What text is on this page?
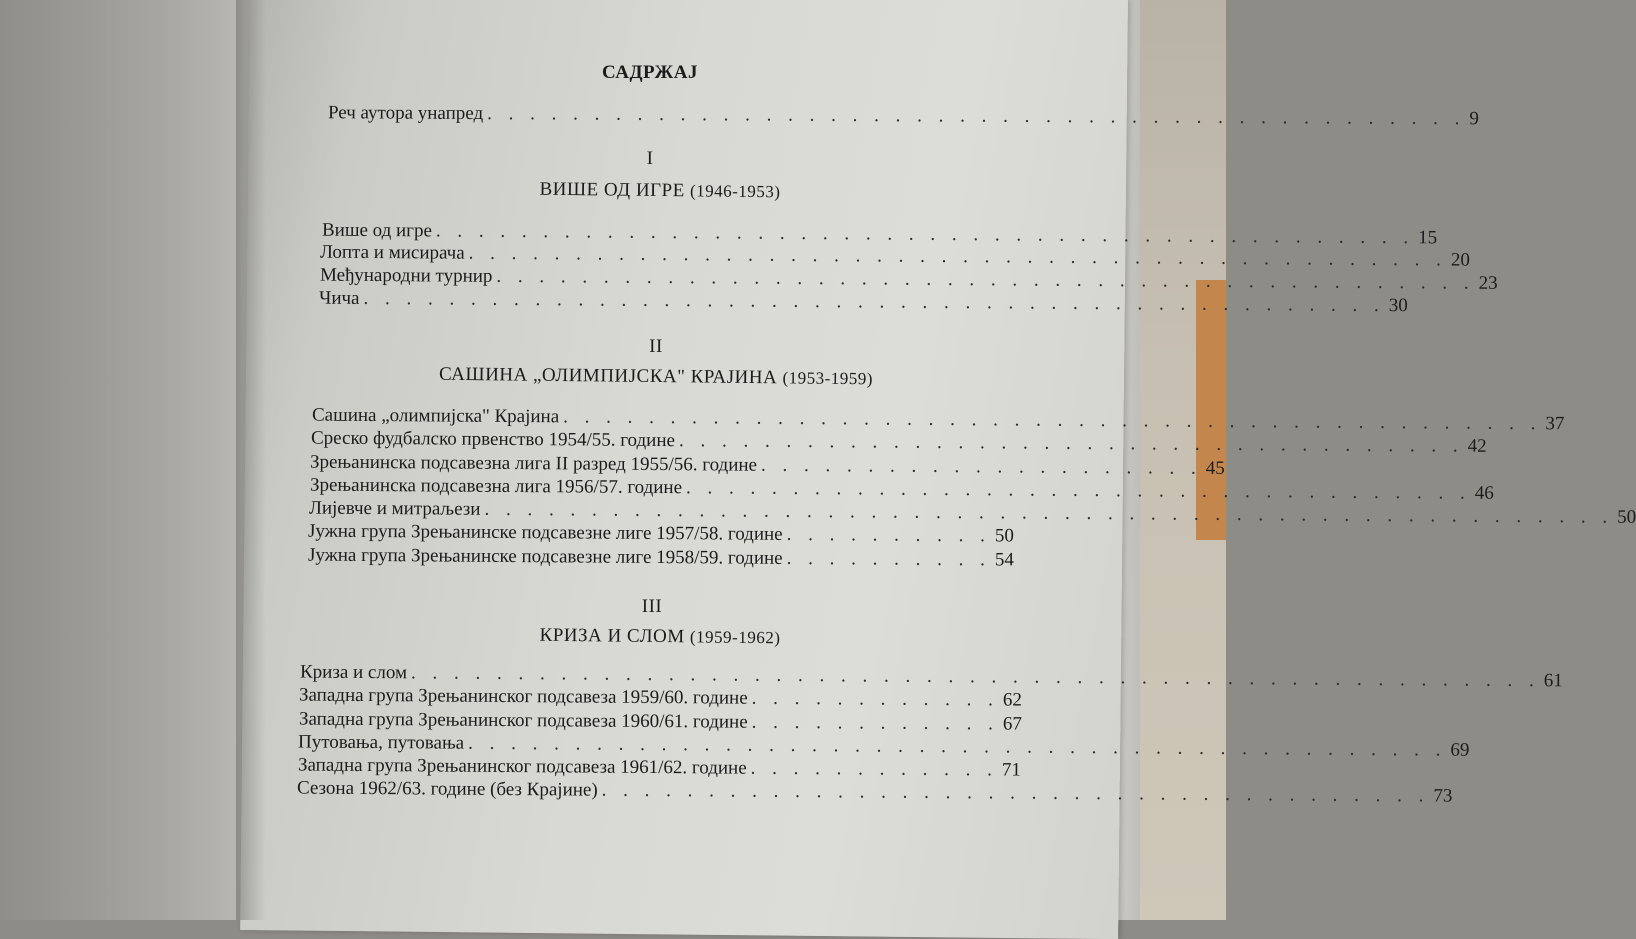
САДРЖАЈ
Реч аутора унапред . . . . . . . . . . . . . . . . . . . . . . . . . . . . . . . . . . . . . . . . . . . . . . 9
I
ВИШЕ ОД ИГРЕ (1946-1953)
Више од игре . . . . . . . . . . . . . . . . . . . . . . . . . . . . . . . . . . . . . . . . . . . . . . 15
Лопта и мисирача . . . . . . . . . . . . . . . . . . . . . . . . . . . . . . . . . . . . . . . . . . . . . . 20
Међународни турнир . . . . . . . . . . . . . . . . . . . . . . . . . . . . . . . . . . . . . . . . . . . . . . 23
Чича . . . . . . . . . . . . . . . . . . . . . . . . . . . . . . . . . . . . . . . . . . . . . . . . 30
II
САШИНА „ОЛИМПИЈСКА" КРАЈИНА (1953-1959)
Сашина „олимпијска" Крајина . . . . . . . . . . . . . . . . . . . . . . . . . . . . . . . . . . . . . . . . . . . . . . 37
Среско фудбалско првенство 1954/55. године . . . . . . . . . . . . . . . . . . . . . . . . . . . . . . . . . . . . . 42
Зрењанинска подсавезна лига II разред 1955/56. године . . . . . . . . . . . . . . . . . . . . . 45
Зрењанинска подсавезна лига 1956/57. године . . . . . . . . . . . . . . . . . . . . . . . . . . . . . . . . . . . . . 46
Лијевче и митраљези . . . . . . . . . . . . . . . . . . . . . . . . . . . . . . . . . . . . . . . . . . . . . . . . . . . . . 50
Јужна група Зрењанинске подсавезне лиге 1957/58. године . . . . . . . . . . 50
Јужна група Зрењанинске подсавезне лиге 1958/59. године . . . . . . . . . . 54
III
КРИЗА И СЛОМ (1959-1962)
Криза и слом . . . . . . . . . . . . . . . . . . . . . . . . . . . . . . . . . . . . . . . . . . . . . . . . . . . . . 61
Западна група Зрењанинског подсавеза 1959/60. године . . . . . . . . . . . . 62
Западна група Зрењанинског подсавеза 1960/61. године . . . . . . . . . . . . 67
Путовања, путовања . . . . . . . . . . . . . . . . . . . . . . . . . . . . . . . . . . . . . . . . . . . . . . 69
Западна група Зрењанинског подсавеза 1961/62. године . . . . . . . . . . . . 71
Сезона 1962/63. године (без Крајине) . . . . . . . . . . . . . . . . . . . . . . . . . . . . . . . . . . . . . . . 73
